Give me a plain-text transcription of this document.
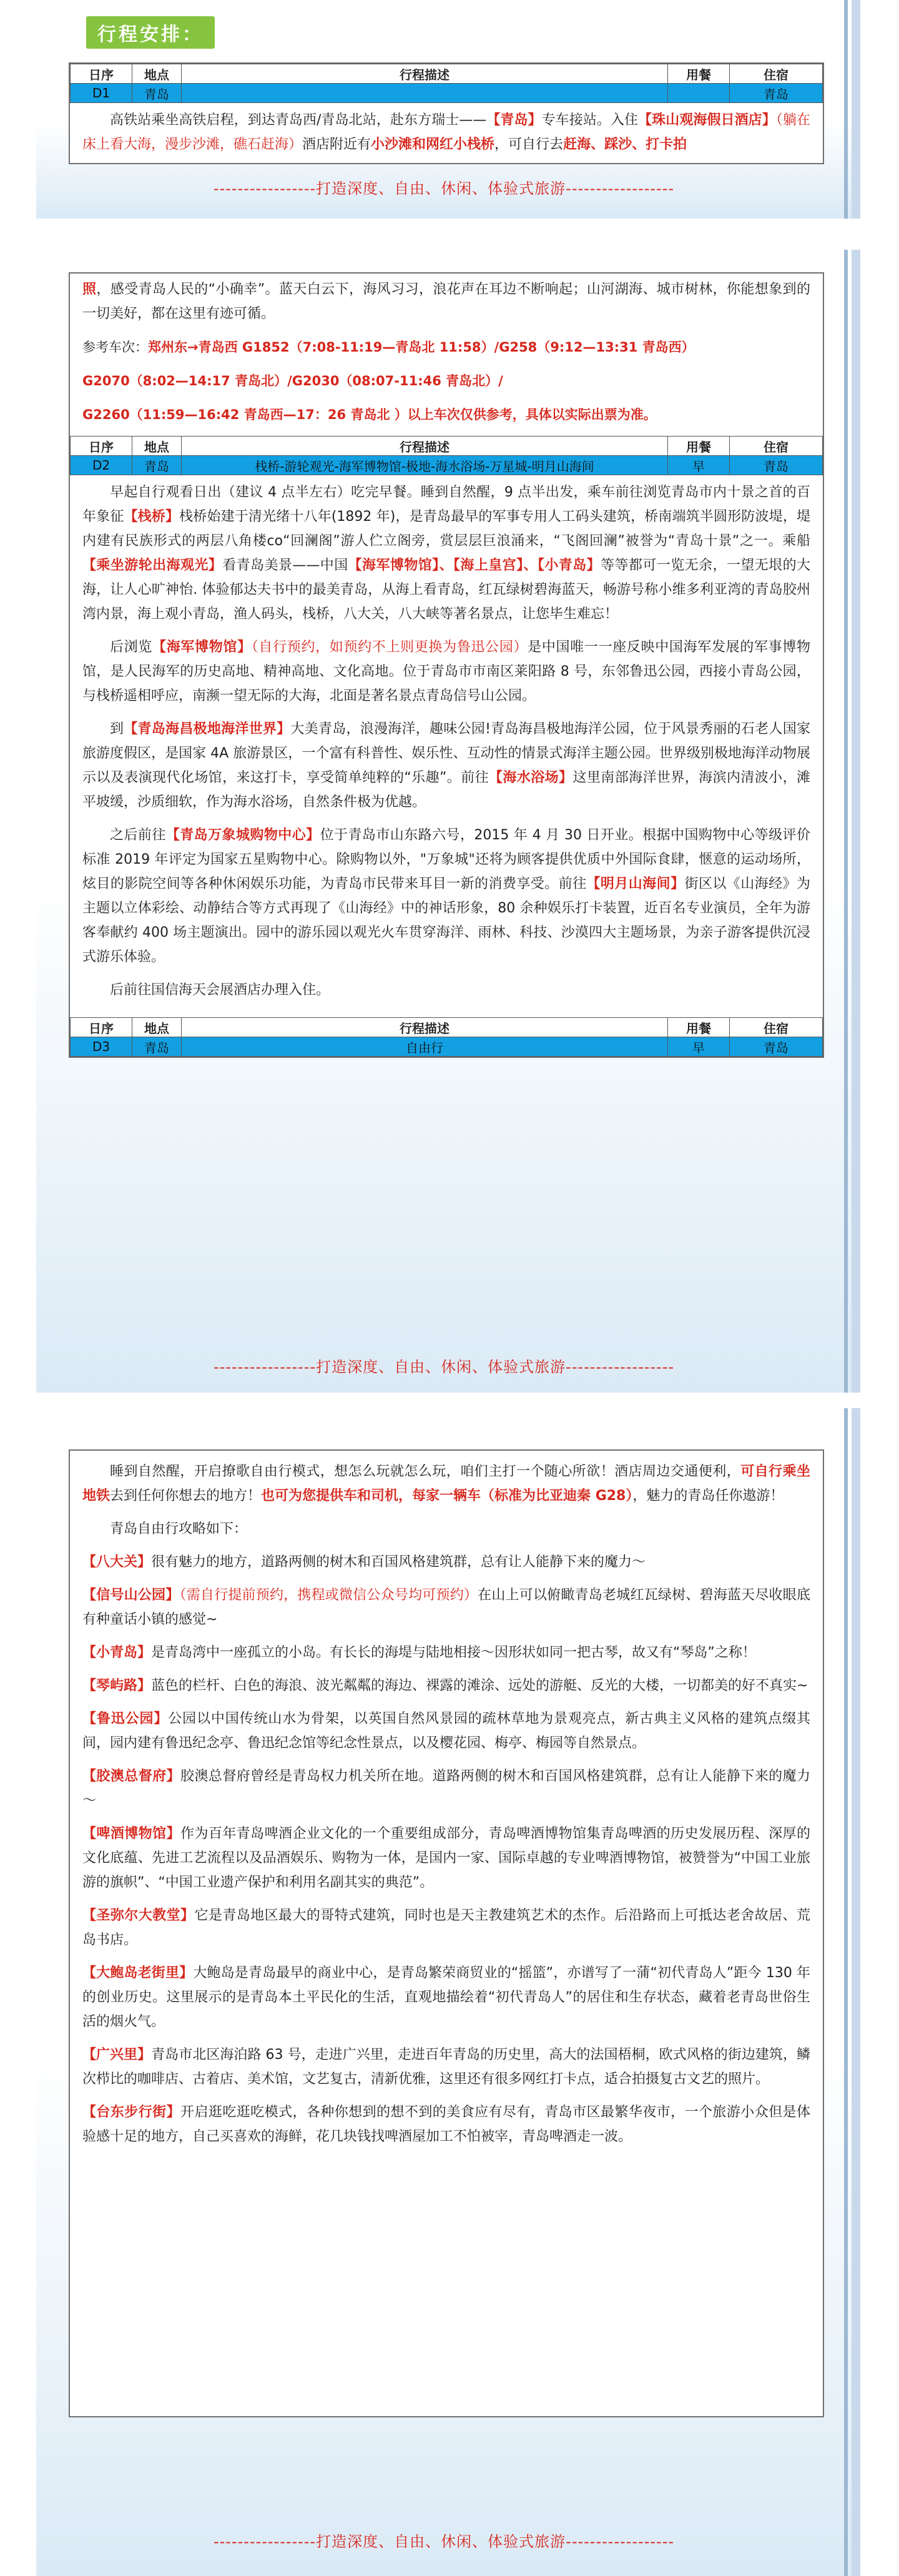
行程安排：
日序	地点	行程描述	用餐	住宿
D1	青岛			青岛

高铁站乘坐高铁启程，到达青岛西/青岛北站，赴东方瑞士——【青岛】专车接站。入住【珠山观海假日酒店】（躺在床上看大海，漫步沙滩，礁石赶海）酒店附近有小沙滩和网红小栈桥，可自行去赶海、踩沙、打卡拍

-----------------打造深度、自由、休闲、体验式旅游------------------

照，感受青岛人民的“小确幸”。蓝天白云下，海风习习，浪花声在耳边不断响起；山河湖海、城市树林，你能想象到的一切美好，都在这里有迹可循。

参考车次：郑州东→青岛西 G1852（7:08-11:19—青岛北 11:58）/G258（9:12—13:31 青岛西）

G2070（8:02—14:17 青岛北）/G2030（08:07-11:46 青岛北）/

G2260（11:59—16:42 青岛西—17：26 青岛北 ）以上车次仅供参考，具体以实际出票为准。

日序	地点	行程描述	用餐	住宿
D2	青岛	栈桥-游轮观光-海军博物馆-极地-海水浴场-万星城-明月山海间	早	青岛

早起自行观看日出（建议 4 点半左右）吃完早餐。睡到自然醒，9 点半出发，乘车前往浏览青岛市内十景之首的百年象征【栈桥】栈桥始建于清光绪十八年(1892 年)，是青岛最早的军事专用人工码头建筑，桥南端筑半圆形防波堤，堤内建有民族形式的两层八角楼со“回澜阁”游人伫立阁旁，赏层层巨浪涌来，“飞阁回澜”被誉为“青岛十景”之一。乘船【乘坐游轮出海观光】看青岛美景——中国【海军博物馆】、【海上皇宫】、【小青岛】等等都可一览无余，一望无垠的大海，让人心旷神怡. 体验郁达夫书中的最美青岛，从海上看青岛，红瓦绿树碧海蓝天，畅游号称小维多利亚湾的青岛胶州湾内景，海上观小青岛，渔人码头，栈桥，八大关，八大峡等著名景点，让您毕生难忘！

后浏览【海军博物馆】（自行预约，如预约不上则更换为鲁迅公园）是中国唯一一座反映中国海军发展的军事博物馆，是人民海军的历史高地、精神高地、文化高地。位于青岛市市南区莱阳路 8 号，东邻鲁迅公园，西接小青岛公园，与栈桥遥相呼应，南濒一望无际的大海，北面是著名景点青岛信号山公园。

到【青岛海昌极地海洋世界】大美青岛，浪漫海洋，趣味公园!青岛海昌极地海洋公园，位于风景秀丽的石老人国家旅游度假区，是国家 4A 旅游景区，一个富有科普性、娱乐性、互动性的情景式海洋主题公园。世界级别极地海洋动物展示以及表演现代化场馆，来这打卡，享受简单纯粹的“乐趣”。前往【海水浴场】这里南部海洋世界，海滨内清波小，滩平坡缓，沙质细软，作为海水浴场，自然条件极为优越。

之后前往【青岛万象城购物中心】位于青岛市山东路六号，2015 年 4 月 30 日开业。根据中国购物中心等级评价标准 2019 年评定为国家五星购物中心。除购物以外，"万象城"还将为顾客提供优质中外国际食肆，惬意的运动场所，炫目的影院空间等各种休闲娱乐功能，为青岛市民带来耳目一新的消费享受。前往【明月山海间】街区以《山海经》为主题以立体彩绘、动静结合等方式再现了《山海经》中的神话形象，80 余种娱乐打卡装置，近百名专业演员，全年为游客奉献约 400 场主题演出。园中的游乐园以观光火车贯穿海洋、雨林、科技、沙漠四大主题场景，为亲子游客提供沉浸式游乐体验。

后前往国信海天会展酒店办理入住。

日序	地点	行程描述	用餐	住宿
D3	青岛	自由行	早	青岛
-----------------打造深度、自由、休闲、体验式旅游------------------

睡到自然醒，开启撩歌自由行模式，想怎么玩就怎么玩，咱们主打一个随心所欲！酒店周边交通便利，可自行乘坐地铁去到任何你想去的地方！也可为您提供车和司机，每家一辆车（标准为比亚迪秦 G28），魅力的青岛任你遨游！

青岛自由行攻略如下：

【八大关】很有魅力的地方，道路两侧的树木和百国风格建筑群，总有让人能静下来的魔力～

【信号山公园】（需自行提前预约，携程或微信公众号均可预约）在山上可以俯瞰青岛老城红瓦绿树、碧海蓝天尽收眼底 有种童话小镇的感觉~

【小青岛】是青岛湾中一座孤立的小岛。有长长的海堤与陆地相接～因形状如同一把古琴，故又有“琴岛”之称！

【琴屿路】蓝色的栏杆、白色的海浪、波光粼粼的海边、裸露的滩涂、远处的游艇、反光的大楼，一切都美的好不真实~

【鲁迅公园】公园以中国传统山水为骨架，以英国自然风景园的疏林草地为景观亮点，新古典主义风格的建筑点缀其间，园内建有鲁迅纪念亭、鲁迅纪念馆等纪念性景点，以及樱花园、梅亭、梅园等自然景点。

【胶澳总督府】胶澳总督府曾经是青岛权力机关所在地。道路两侧的树木和百国风格建筑群，总有让人能静下来的魔力～

【啤酒博物馆】作为百年青岛啤酒企业文化的一个重要组成部分，青岛啤酒博物馆集青岛啤酒的历史发展历程、深厚的文化底蕴、先进工艺流程以及品酒娱乐、购物为一体，是国内一家、国际卓越的专业啤酒博物馆，被赞誉为“中国工业旅游的旗帜”、“中国工业遗产保护和利用名副其实的典范”。

【圣弥尔大教堂】它是青岛地区最大的哥特式建筑，同时也是天主教建筑艺术的杰作。后沿路而上可抵达老舍故居、荒岛书店。

【大鲍岛老街里】大鲍岛是青岛最早的商业中心，是青岛繁荣商贸业的“摇篮”，亦谱写了一蒲“初代青岛人”距今 130 年的创业历史。这里展示的是青岛本土平民化的生活，直观地描绘着“初代青岛人”的居住和生存状态，藏着老青岛世俗生活的烟火气。

【广兴里】青岛市北区海泊路 63 号，走进广兴里，走进百年青岛的历史里，高大的法国梧桐，欧式风格的街边建筑，鳞次栉比的咖啡店、古着店、美术馆，文艺复古，清新优雅，这里还有很多网红打卡点，适合拍摄复古文艺的照片。

【台东步行街】开启逛吃逛吃模式，各种你想到的想不到的美食应有尽有，青岛市区最繁华夜市，一个旅游小众但是体验感十足的地方，自己买喜欢的海鲜，花几块钱找啤酒屋加工不怕被宰，青岛啤酒走一波。

-----------------打造深度、自由、休闲、体验式旅游------------------
